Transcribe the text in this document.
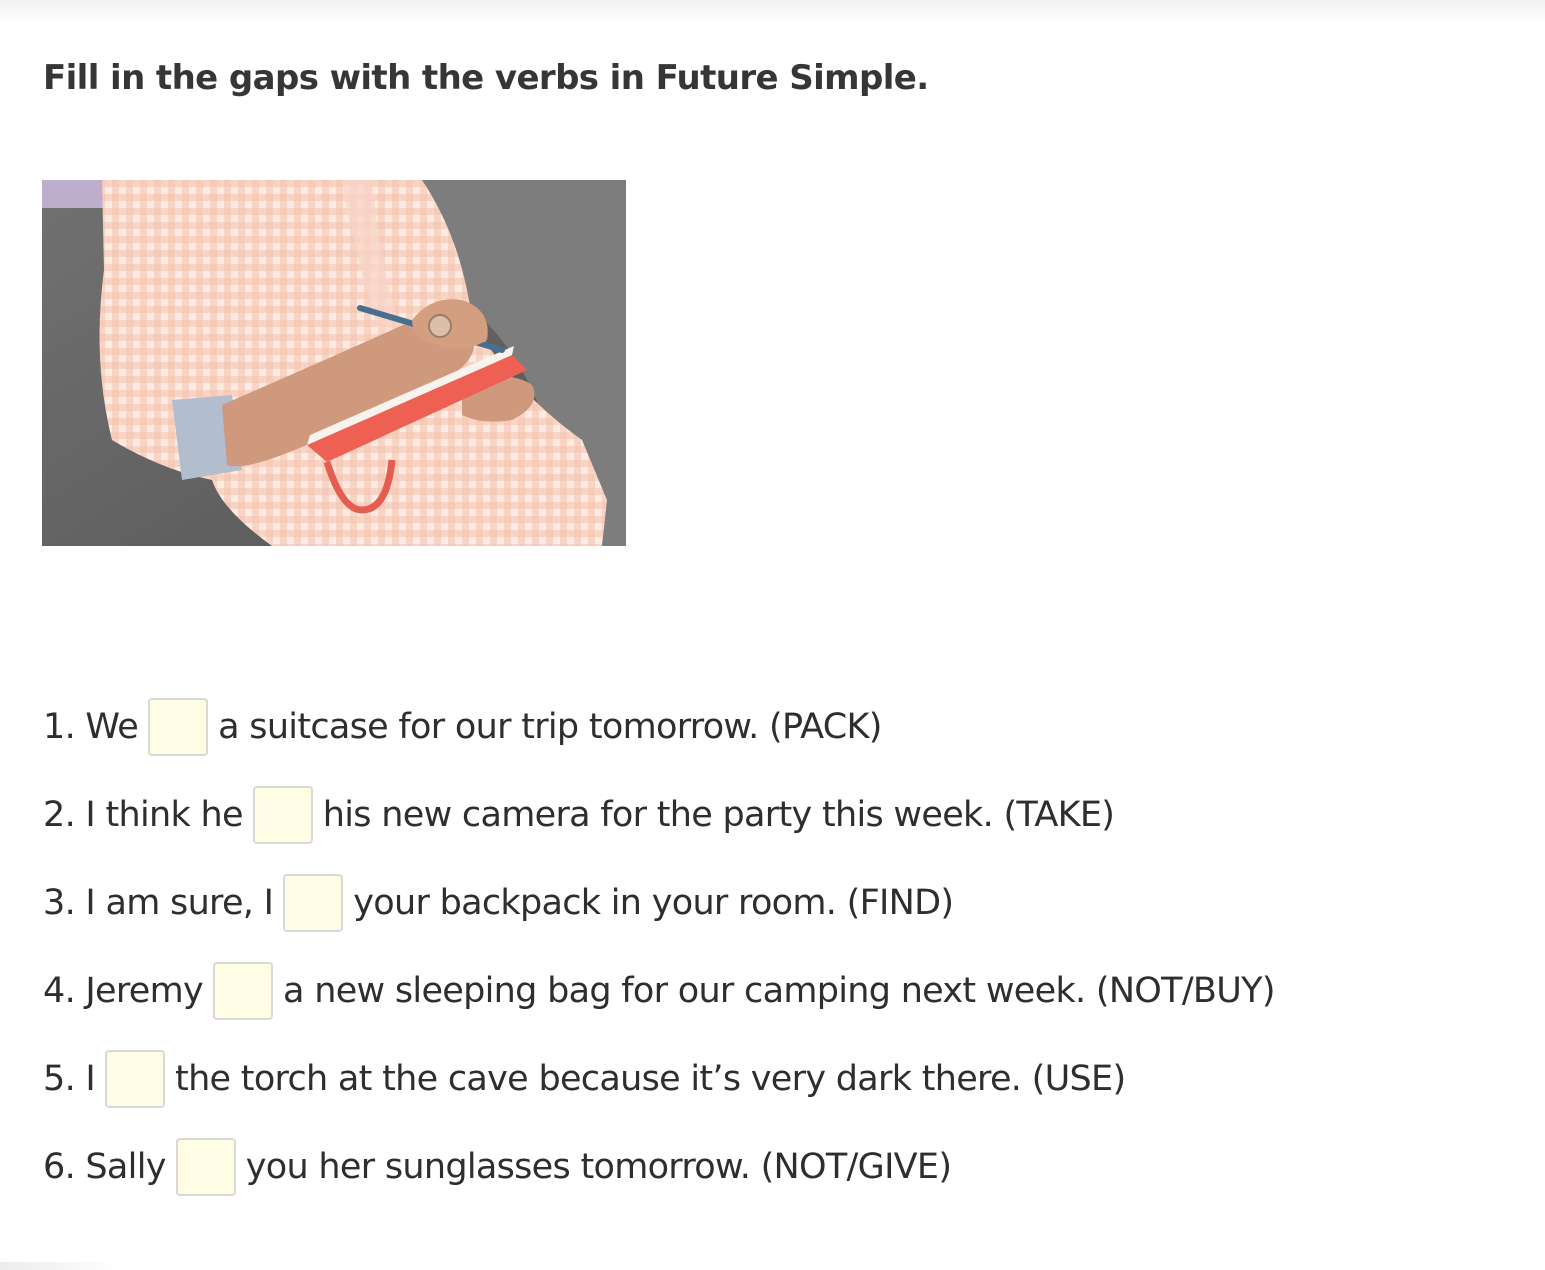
Fill in the gaps with the verbs in Future Simple.
1. We a suitcase for our trip tomorrow. (PACK)
2. I think he his new camera for the party this week. (TAKE)
3. I am sure, I your backpack in your room. (FIND)
4. Jeremy a new sleeping bag for our camping next week. (NOT/BUY)
5. I the torch at the cave because it’s very dark there. (USE)
6. Sally you her sunglasses tomorrow. (NOT/GIVE)
